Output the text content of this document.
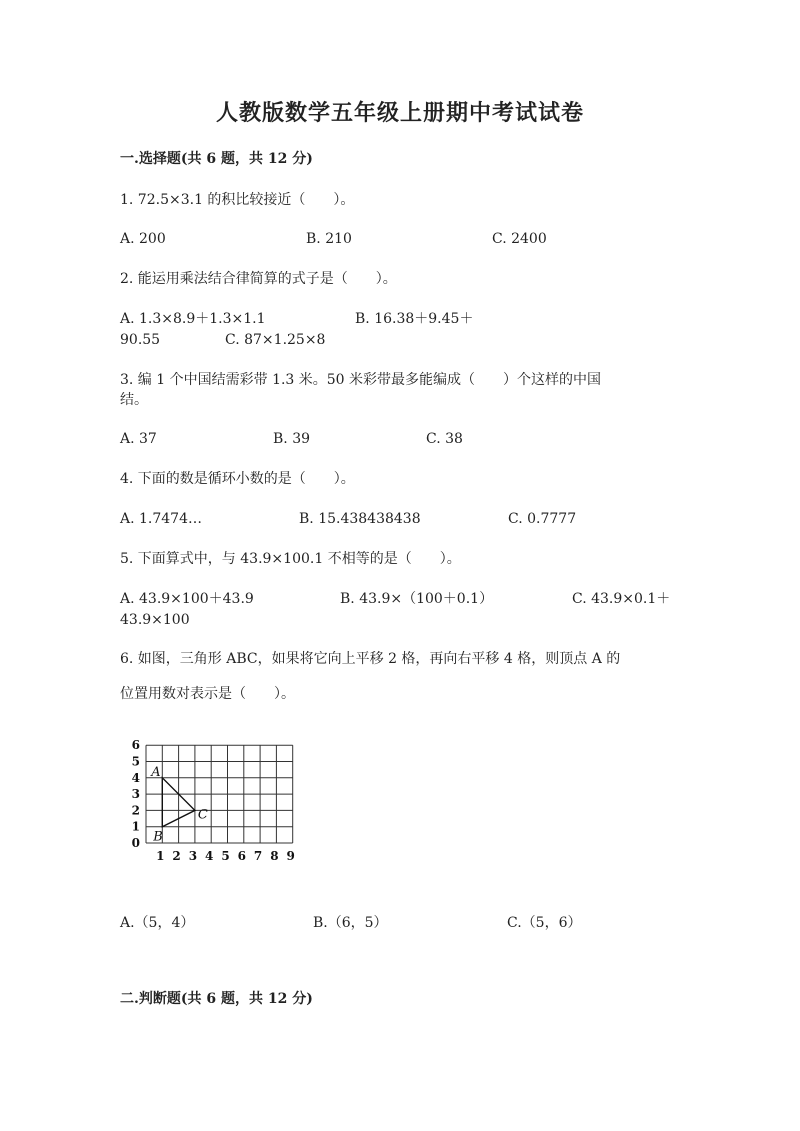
人教版数学五年级上册期中考试试卷
一.选择题(共 6 题，共 12 分)
1. 72.5×3.1 的积比较接近（　　）。
A. 200	B. 210	C. 2400
2. 能运用乘法结合律简算的式子是（　　）。
A. 1.3×8.9＋1.3×1.1	B. 16.38＋9.45＋
90.55	C. 87×1.25×8
3. 编 1 个中国结需彩带 1.3 米。50 米彩带最多能编成（　　）个这样的中国
结。
A. 37	B. 39	C. 38
4. 下面的数是循环小数的是（　　）。
A. 1.7474…	B. 15.438438438	C. 0.7777
5. 下面算式中，与 43.9×100.1 不相等的是（　　）。
A. 43.9×100＋43.9	B. 43.9×（100＋0.1）	C. 43.9×0.1＋
43.9×100
6. 如图，三角形 ABC，如果将它向上平移 2 格，再向右平移 4 格，则顶点 A 的
位置用数对表示是（　　）。
0
1
2
3
4
5
6
1 2 3 4 5 6 7 8 9
A
B
C
A.（5，4）	B.（6，5）	C.（5，6）
二.判断题(共 6 题，共 12 分)
